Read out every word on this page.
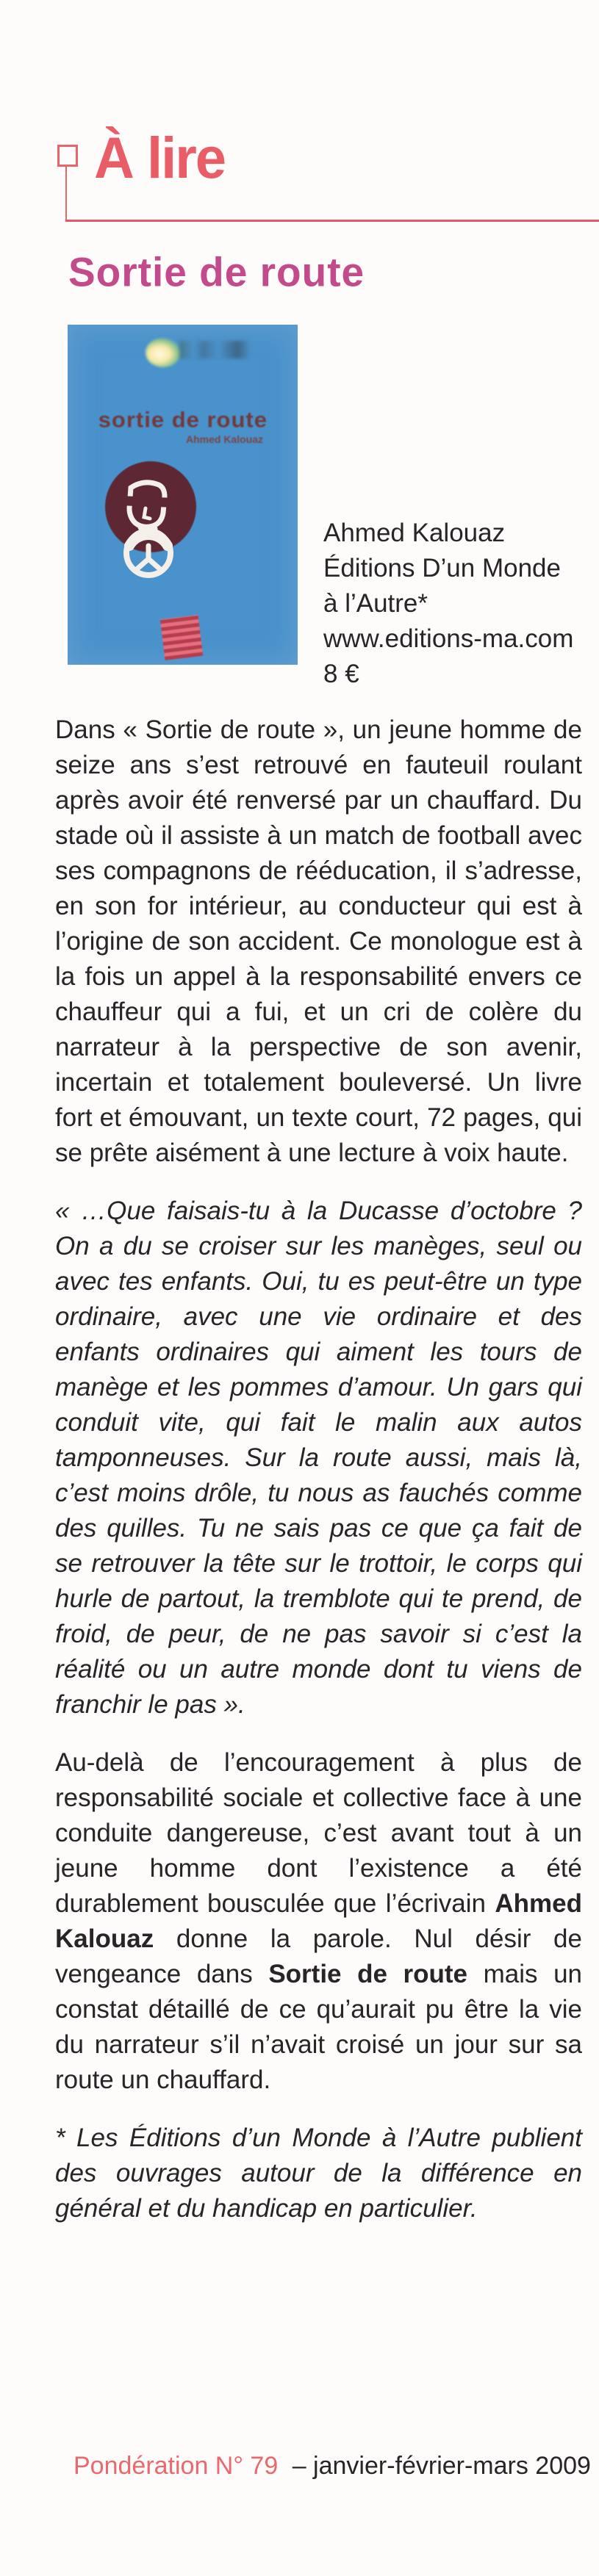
À lire
Sortie de route
sortie de route
Ahmed Kalouaz
Ahmed Kalouaz
Éditions D’un Monde
à l’Autre*
www.editions-ma.com
8 €

Dans « Sortie de route », un jeune homme de seize ans s’est retrouvé en fauteuil roulant après avoir été renversé par un chauffard. Du stade où il assiste à un match de football avec ses compagnons de rééducation, il s’adresse, en son for intérieur, au conducteur qui est à l’origine de son accident. Ce monologue est à la fois un appel à la responsabilité envers ce chauffeur qui a fui, et un cri de colère du narrateur à la perspective de son avenir, incertain et totalement bouleversé. Un livre fort et émouvant, un texte court, 72 pages, qui se prête aisément à une lecture à voix haute.

« …Que faisais-tu à la Ducasse d’octobre ? On a du se croiser sur les manèges, seul ou avec tes enfants. Oui, tu es peut-être un type ordinaire, avec une vie ordinaire et des enfants ordinaires qui aiment les tours de manège et les pommes d’amour. Un gars qui conduit vite, qui fait le malin aux autos tamponneuses. Sur la route aussi, mais là, c’est moins drôle, tu nous as fauchés comme des quilles. Tu ne sais pas ce que ça fait de se retrouver la tête sur le trottoir, le corps qui hurle de partout, la tremblote qui te prend, de froid, de peur, de ne pas savoir si c’est la réalité ou un autre monde dont tu viens de franchir le pas ».

Au-delà de l’encouragement à plus de responsabilité sociale et collective face à une conduite dangereuse, c’est avant tout à un jeune homme dont l’existence a été durablement bousculée que l’écrivain Ahmed Kalouaz donne la parole. Nul désir de vengeance dans Sortie de route mais un constat détaillé de ce qu’aurait pu être la vie du narrateur s’il n’avait croisé un jour sur sa route un chauffard.

* Les Éditions d’un Monde à l’Autre publient des ouvrages autour de la différence en général et du handicap en particulier.

Pondération N° 79 – janvier-février-mars 2009
